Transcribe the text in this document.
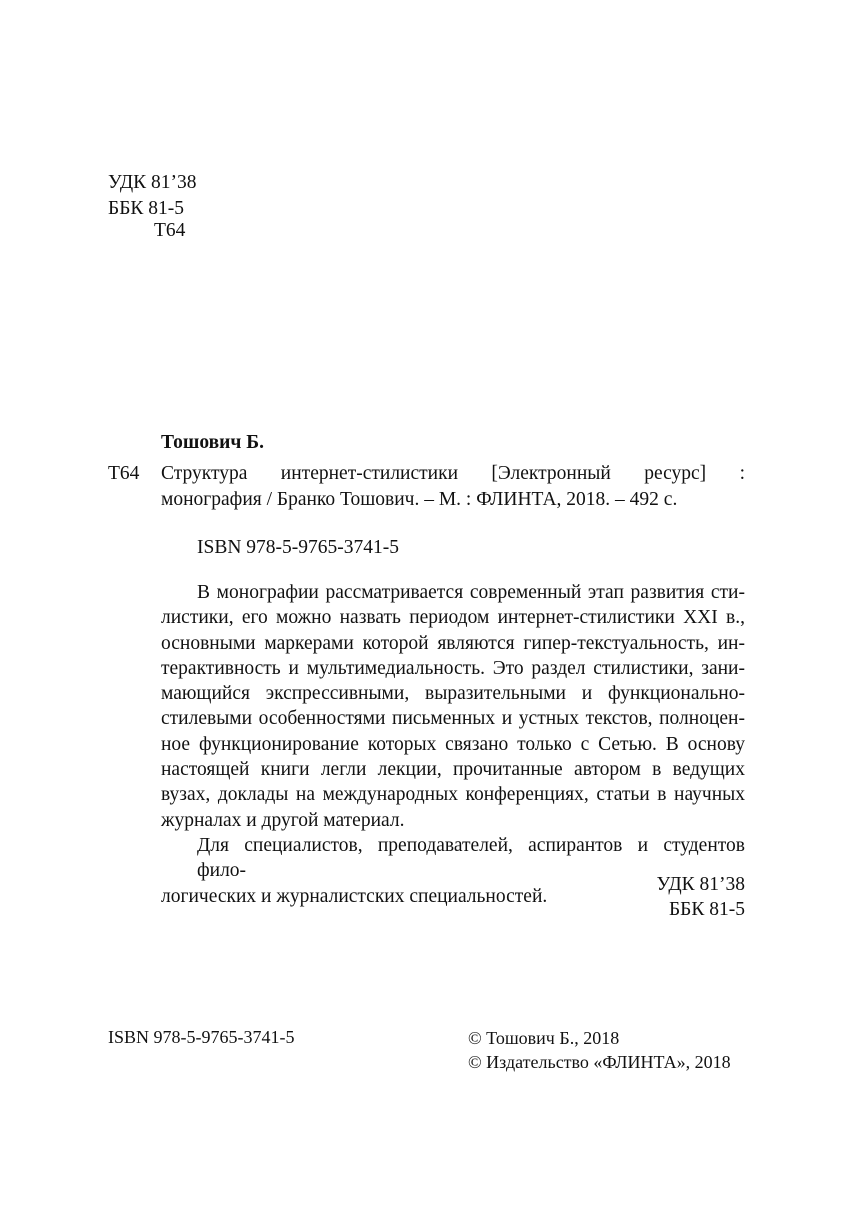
УДК 81’38
ББК 81-5
Т64
Тошович Б.
Т64 Структура интернет-стилистики [Электронный ресурс] :
монография / Бранко Тошович. – М. : ФЛИНТА, 2018. – 492 с.
ISBN 978-5-9765-3741-5
В монографии рассматривается современный этап развития сти-
листики, его можно назвать периодом интернет-стилистики XXI в.,
основными маркерами которой являются гипер-текстуальность, ин-
терактивность и мультимедиальность. Это раздел стилистики, зани-
мающийся экспрессивными, выразительными и функционально-
стилевыми особенностями письменных и устных текстов, полноцен-
ное функционирование которых связано только с Сетью. В основу
настоящей книги легли лекции, прочитанные автором в ведущих
вузах, доклады на международных конференциях, статьи в научных
журналах и другой материал.
Для специалистов, преподавателей, аспирантов и студентов фило-
логических и журналистских специальностей.
УДК 81’38
ББК 81-5
ISBN 978-5-9765-3741-5	© Тошович Б., 2018
© Издательство «ФЛИНТА», 2018
